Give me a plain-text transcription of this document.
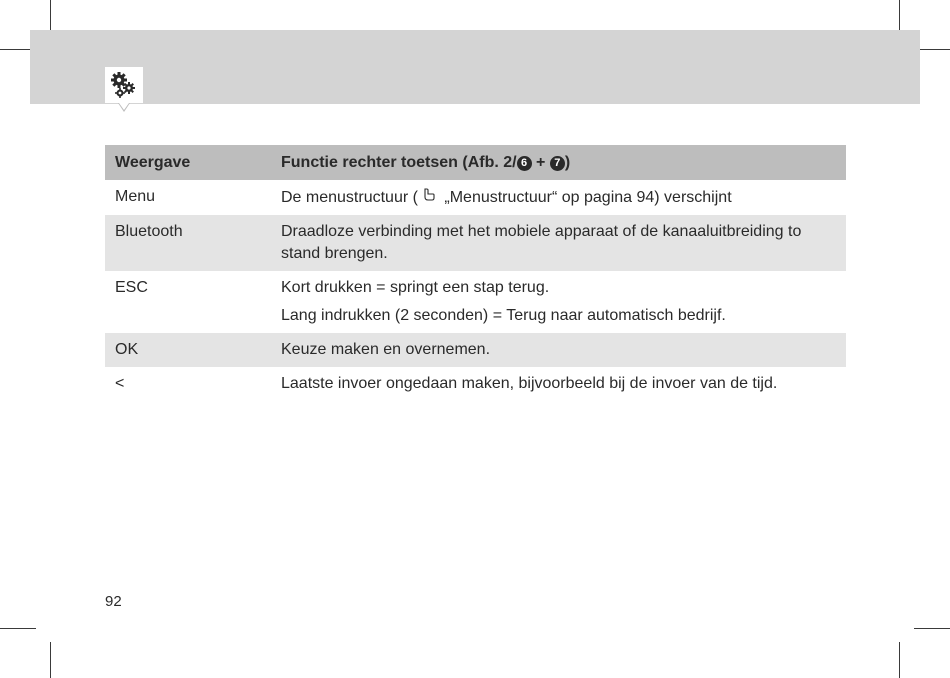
Weergave	Functie rechter toetsen (Afb. 2/ 6 + 7 )
Menu	De menustructuur ( „Menustructuur“ op pagina 94) verschijnt
Bluetooth	Draadloze verbinding met het mobiele apparaat of de kanaaluitbreiding to stand brengen.
ESC	Kort drukken = springt een stap terug.
Lang indrukken (2 seconden) = Terug naar automatisch bedrijf.

OK	Keuze maken en overnemen.
<	Laatste invoer ongedaan maken, bijvoorbeeld bij de invoer van de tijd.
92
